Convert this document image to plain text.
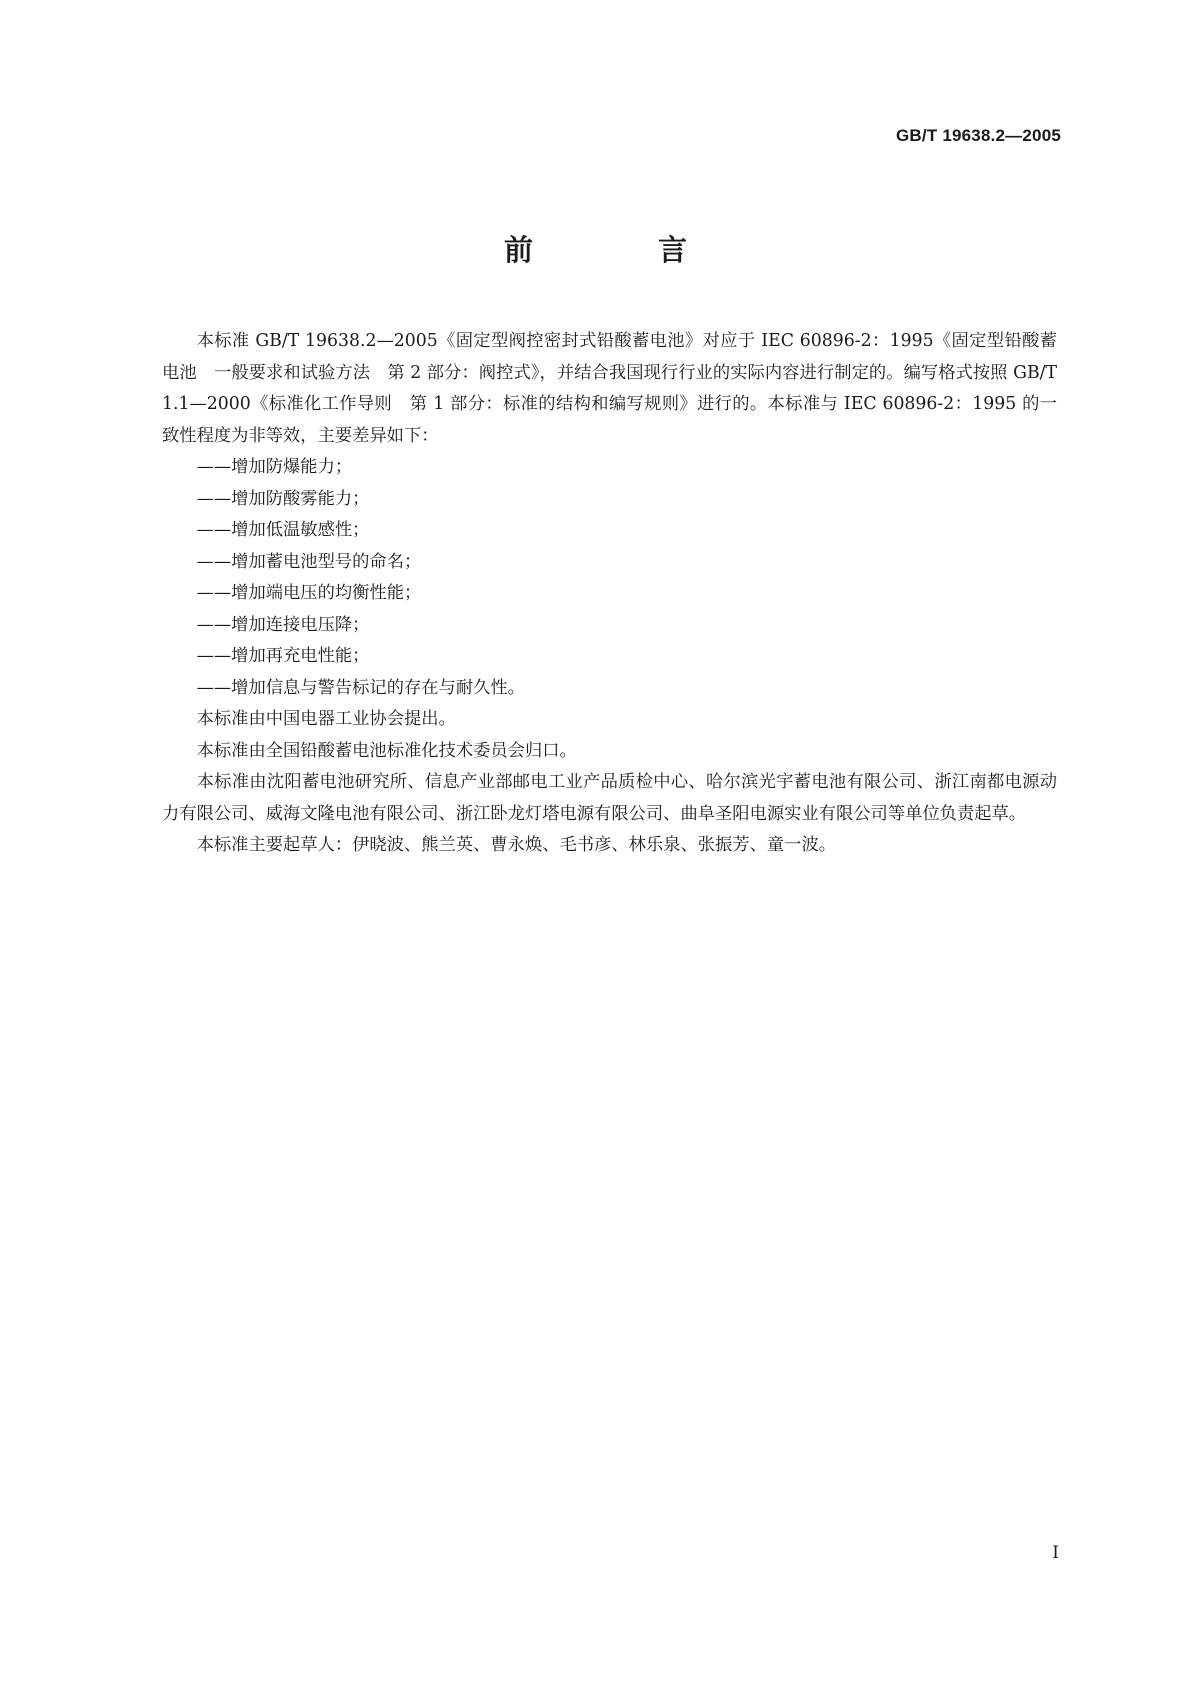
GB/T 19638.2—2005
前　言

本标准 GB/T 19638.2—2005《固定型阀控密封式铅酸蓄电池》对应于 IEC 60896-2：1995《固定型铅酸蓄电池　一般要求和试验方法　第 2 部分：阀控式》，并结合我国现行行业的实际内容进行制定的。编写格式按照 GB/T 1.1—2000《标准化工作导则　第 1 部分：标准的结构和编写规则》进行的。本标准与 IEC 60896-2：1995 的一致性程度为非等效，主要差异如下：

——增加防爆能力；

——增加防酸雾能力；

——增加低温敏感性；

——增加蓄电池型号的命名；

——增加端电压的均衡性能；

——增加连接电压降；

——增加再充电性能；

——增加信息与警告标记的存在与耐久性。

本标准由中国电器工业协会提出。

本标准由全国铅酸蓄电池标准化技术委员会归口。

本标准由沈阳蓄电池研究所、信息产业部邮电工业产品质检中心、哈尔滨光宇蓄电池有限公司、浙江南都电源动力有限公司、威海文隆电池有限公司、浙江卧龙灯塔电源有限公司、曲阜圣阳电源实业有限公司等单位负责起草。

本标准主要起草人：伊晓波、熊兰英、曹永焕、毛书彦、林乐泉、张振芳、童一波。

I
